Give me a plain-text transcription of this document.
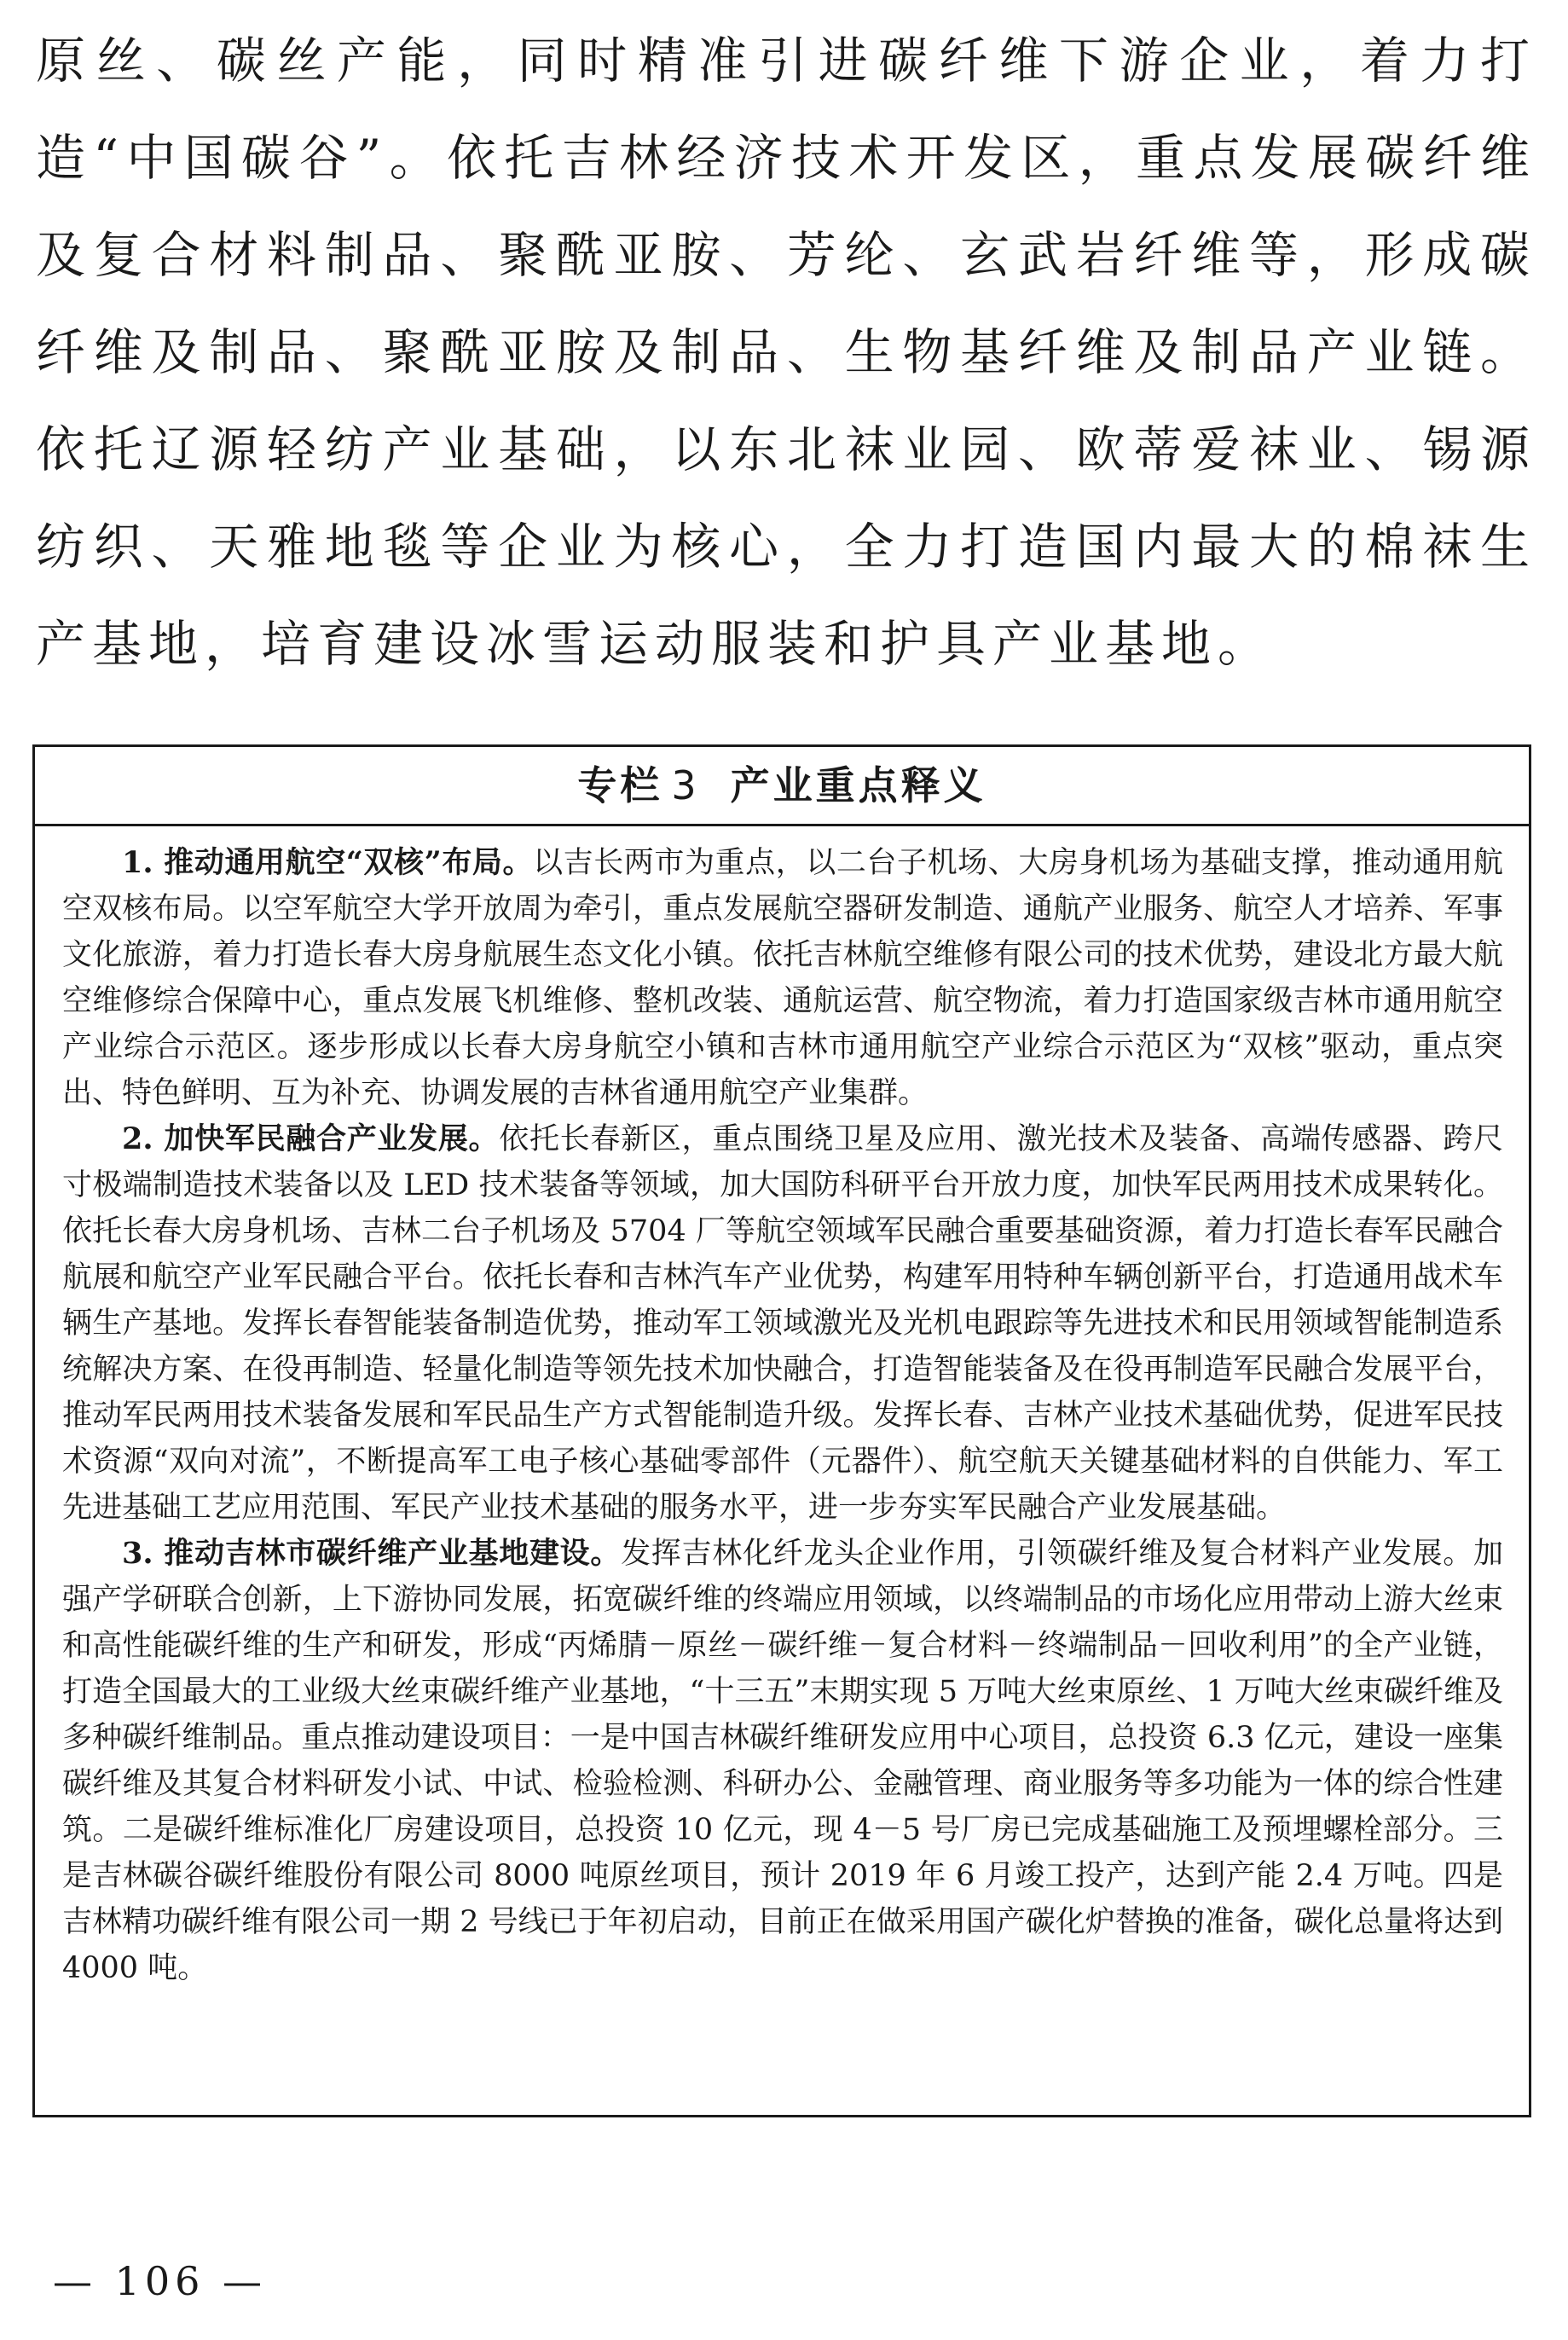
原丝、碳丝产能，同时精准引进碳纤维下游企业，着力打造“中国碳谷”。依托吉林经济技术开发区，重点发展碳纤维及复合材料制品、聚酰亚胺、芳纶、玄武岩纤维等，形成碳纤维及制品、聚酰亚胺及制品、生物基纤维及制品产业链。依托辽源轻纺产业基础，以东北袜业园、欧蒂爱袜业、锡源纺织、天雅地毯等企业为核心，全力打造国内最大的棉袜生产基地，培育建设冰雪运动服装和护具产业基地。

专栏 3 产业重点释义

1. 推动通用航空“双核”布局。以吉长两市为重点，以二台子机场、大房身机场为基础支撑，推动通用航空双核布局。以空军航空大学开放周为牵引，重点发展航空器研发制造、通航产业服务、航空人才培养、军事文化旅游，着力打造长春大房身航展生态文化小镇。依托吉林航空维修有限公司的技术优势，建设北方最大航空维修综合保障中心，重点发展飞机维修、整机改装、通航运营、航空物流，着力打造国家级吉林市通用航空产业综合示范区。逐步形成以长春大房身航空小镇和吉林市通用航空产业综合示范区为“双核”驱动，重点突出、特色鲜明、互为补充、协调发展的吉林省通用航空产业集群。

2. 加快军民融合产业发展。依托长春新区，重点围绕卫星及应用、激光技术及装备、高端传感器、跨尺寸极端制造技术装备以及 LED 技术装备等领域，加大国防科研平台开放力度，加快军民两用技术成果转化。依托长春大房身机场、吉林二台子机场及 5704 厂等航空领域军民融合重要基础资源，着力打造长春军民融合航展和航空产业军民融合平台。依托长春和吉林汽车产业优势，构建军用特种车辆创新平台，打造通用战术车辆生产基地。发挥长春智能装备制造优势，推动军工领域激光及光机电跟踪等先进技术和民用领域智能制造系统解决方案、在役再制造、轻量化制造等领先技术加快融合，打造智能装备及在役再制造军民融合发展平台，推动军民两用技术装备发展和军民品生产方式智能制造升级。发挥长春、吉林产业技术基础优势，促进军民技术资源“双向对流”，不断提高军工电子核心基础零部件（元器件）、航空航天关键基础材料的自供能力、军工先进基础工艺应用范围、军民产业技术基础的服务水平，进一步夯实军民融合产业发展基础。

3. 推动吉林市碳纤维产业基地建设。发挥吉林化纤龙头企业作用，引领碳纤维及复合材料产业发展。加强产学研联合创新，上下游协同发展，拓宽碳纤维的终端应用领域，以终端制品的市场化应用带动上游大丝束和高性能碳纤维的生产和研发，形成“丙烯腈－原丝－碳纤维－复合材料－终端制品－回收利用”的全产业链，打造全国最大的工业级大丝束碳纤维产业基地，“十三五”末期实现 5 万吨大丝束原丝、1 万吨大丝束碳纤维及多种碳纤维制品。重点推动建设项目：一是中国吉林碳纤维研发应用中心项目，总投资 6.3 亿元，建设一座集碳纤维及其复合材料研发小试、中试、检验检测、科研办公、金融管理、商业服务等多功能为一体的综合性建筑。二是碳纤维标准化厂房建设项目，总投资 10 亿元，现 4－5 号厂房已完成基础施工及预埋螺栓部分。三是吉林碳谷碳纤维股份有限公司 8000 吨原丝项目，预计 2019 年 6 月竣工投产，达到产能 2.4 万吨。四是吉林精功碳纤维有限公司一期 2 号线已于年初启动，目前正在做采用国产碳化炉替换的准备，碳化总量将达到 4000 吨。

— 106 —
